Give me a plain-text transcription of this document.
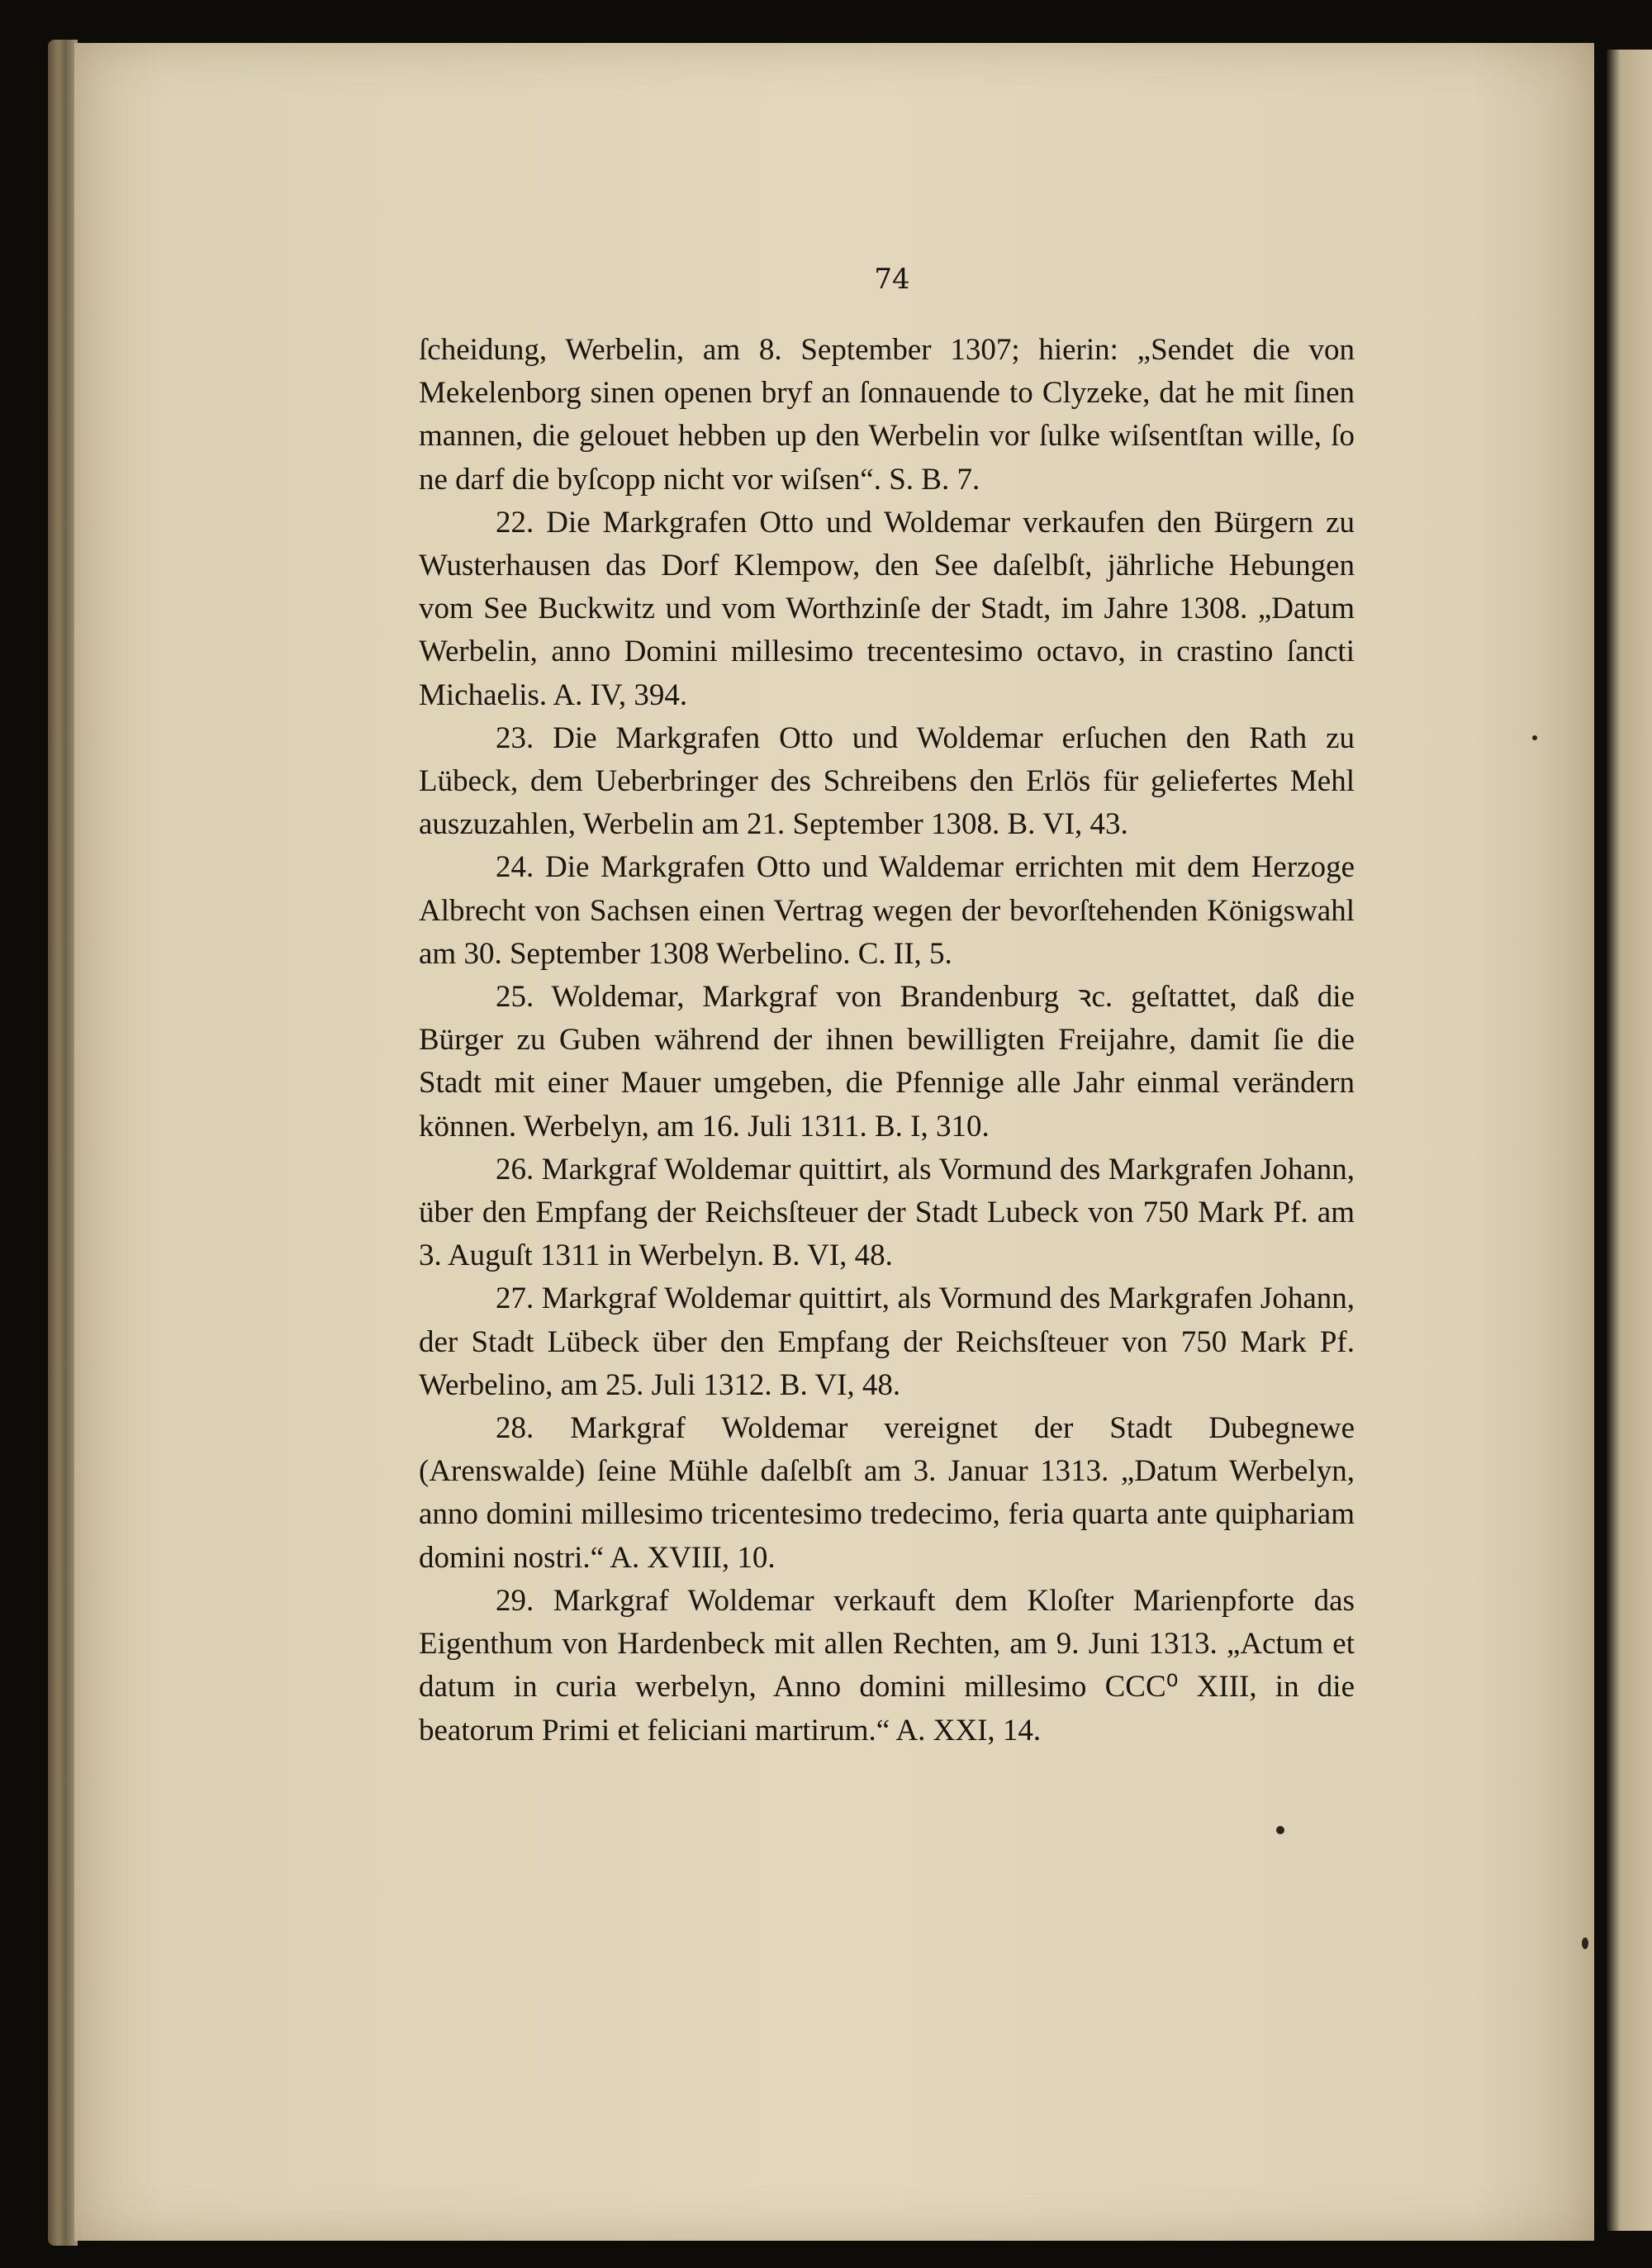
74

ſcheidung, Werbelin, am 8. September 1307; hierin: „Sendet die von Mekelenborg sinen openen bryf an ſonnauende to Clyzeke, dat he mit ſinen mannen, die gelouet hebben up den Werbelin vor ſulke wiſsentſtan wille, ſo ne darf die byſcopp nicht vor wiſsen“. S. B. 7.

22. Die Markgrafen Otto und Woldemar verkaufen den Bürgern zu Wusterhausen das Dorf Klempow, den See daſelbſt, jährliche Hebungen vom See Buckwitz und vom Worthzinſe der Stadt, im Jahre 1308. „Datum Werbelin, anno Domini millesimo trecentesimo octavo, in crastino ſancti Michaelis. A. IV, 394.

23. Die Markgrafen Otto und Woldemar erſuchen den Rath zu Lübeck, dem Ueberbringer des Schreibens den Erlös für geliefertes Mehl auszuzahlen, Werbelin am 21. September 1308. B. VI, 43.

24. Die Markgrafen Otto und Waldemar errichten mit dem Herzoge Albrecht von Sachsen einen Vertrag wegen der bevorſtehenden Königswahl am 30. September 1308 Werbelino. C. II, 5.

25. Woldemar, Markgraf von Brandenburg ꝛc. geſtattet, daß die Bürger zu Guben während der ihnen bewilligten Freijahre, damit ſie die Stadt mit einer Mauer umgeben, die Pfennige alle Jahr einmal verändern können. Werbelyn, am 16. Juli 1311. B. I, 310.

26. Markgraf Woldemar quittirt, als Vormund des Markgrafen Johann, über den Empfang der Reichsſteuer der Stadt Lubeck von 750 Mark Pf. am 3. Auguſt 1311 in Werbelyn. B. VI, 48.

27. Markgraf Woldemar quittirt, als Vormund des Markgrafen Johann, der Stadt Lübeck über den Empfang der Reichsſteuer von 750 Mark Pf. Werbelino, am 25. Juli 1312. B. VI, 48.

28. Markgraf Woldemar vereignet der Stadt Dubegnewe (Arenswalde) ſeine Mühle daſelbſt am 3. Januar 1313. „Datum Werbelyn, anno domini millesimo tricentesimo tredecimo, feria quarta ante quiphariam domini nostri.“ A. XVIII, 10.

29. Markgraf Woldemar verkauft dem Kloſter Marienpforte das Eigenthum von Hardenbeck mit allen Rechten, am 9. Juni 1313. „Actum et datum in curia werbelyn, Anno domini millesimo CCC⁰ XIII, in die beatorum Primi et feliciani martirum.“ A. XXI, 14.
